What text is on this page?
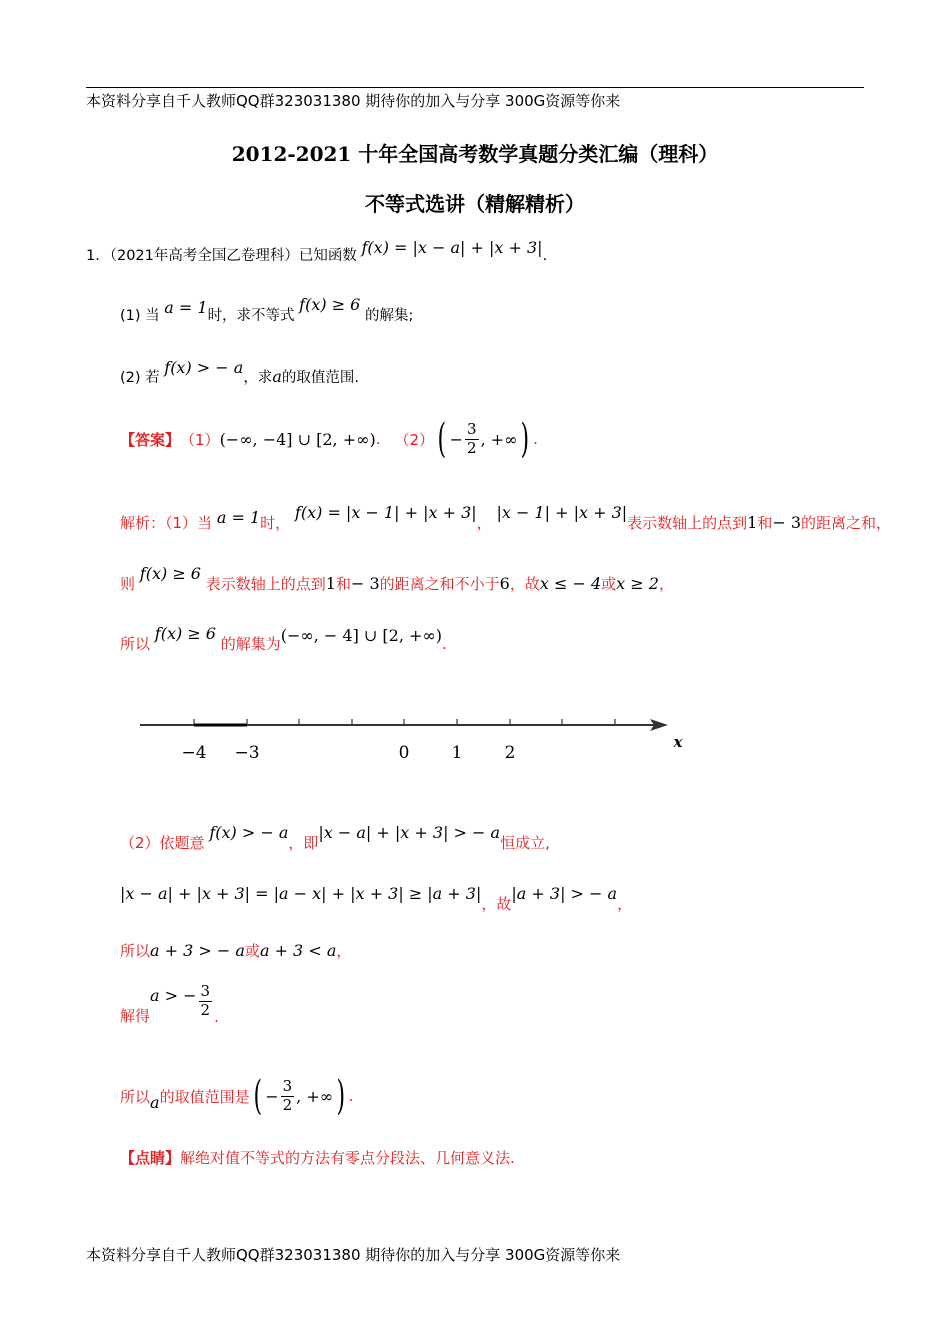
本资料分享自千人教师QQ群323031380 期待你的加入与分享 300G资源等你来
2012-2021 十年全国高考数学真题分类汇编（理科）
不等式选讲（精解精析）
1．（2021年高考全国乙卷理科）已知函数 f(x) = |x − a| + |x + 3|.
(1) 当 a = 1时，求不等式 f(x) ≥ 6 的解集;
(2) 若 f(x) > − a，求a的取值范围.
【答案】 （1） (−∞, −4] ∪ [2, +∞) . （2） ( − $\frac{3}{2}$ , +∞ ) .
解析：（1）当 a = 1时， f(x) = |x − 1| + |x + 3|， |x − 1| + |x + 3|表示数轴上的点到1和− 3的距离之和，
则 f(x) ≥ 6 表示数轴上的点到1和− 3的距离之和不小于6，故x ≤ − 4或x ≥ 2，
所以 f(x) ≥ 6 的解集为(−∞, − 4] ∪ [2, +∞).
−4 −3	0 1 2
x
（2）依题意 f(x) > − a，即|x − a| + |x + 3| > − a恒成立,
|x − a| + |x + 3| = |a − x| + |x + 3| ≥ |a + 3|，故|a + 3| > − a，
所以a + 3 > − a或a + 3 < a，
解得
a > − $\frac{3}{2}$ .
所以 a 的取值范围是 ( − $\frac{3}{2}$ , +∞ ) .
【点睛】解绝对值不等式的方法有零点分段法、几何意义法.
本资料分享自千人教师QQ群323031380 期待你的加入与分享 300G资源等你来
